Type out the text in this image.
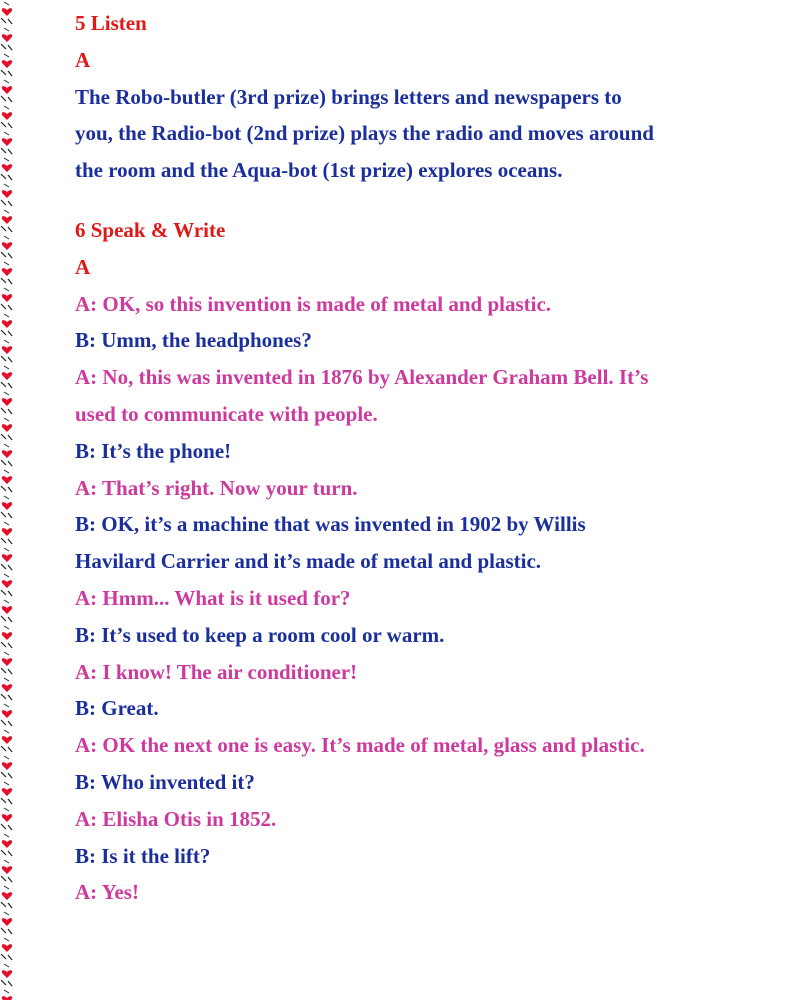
5 Listen

A

The Robo-butler (3rd prize) brings letters and newspapers to

you, the Radio-bot (2nd prize) plays the radio and moves around

the room and the Aqua-bot (1st prize) explores oceans.

6 Speak & Write

A

A: OK, so this invention is made of metal and plastic.

B: Umm, the headphones?

A: No, this was invented in 1876 by Alexander Graham Bell. It’s

used to communicate with people.

B: It’s the phone!

A: That’s right. Now your turn.

B: OK, it’s a machine that was invented in 1902 by Willis

Havilard Carrier and it’s made of metal and plastic.

A: Hmm... What is it used for?

B: It’s used to keep a room cool or warm.

A: I know! The air conditioner!

B: Great.

A: OK the next one is easy. It’s made of metal, glass and plastic.

B: Who invented it?

A: Elisha Otis in 1852.

B: Is it the lift?

A: Yes!
